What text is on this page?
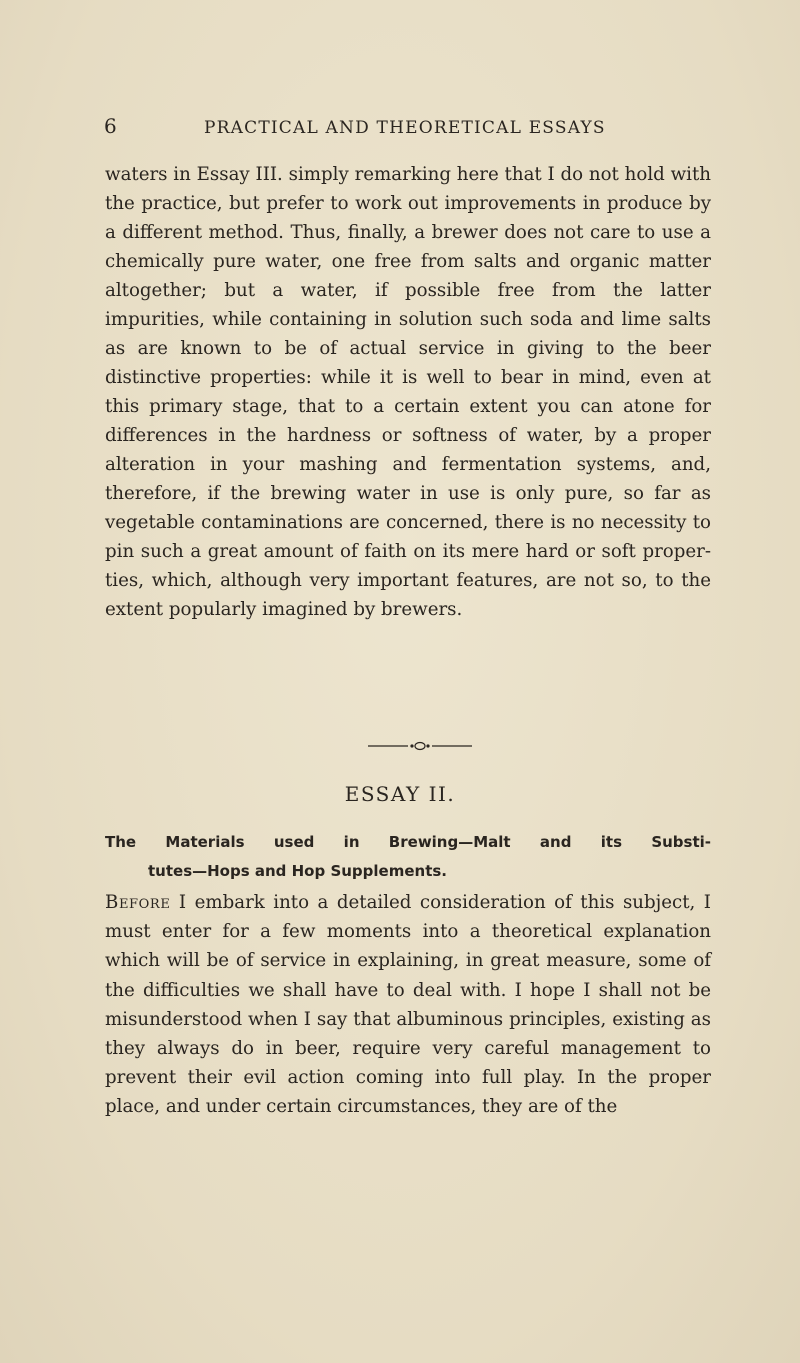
6	PRACTICAL AND THEORETICAL ESSAYS

waters in Essay III. simply remarking here that I do not hold with the practice, but prefer to work out improvements in produce by a different method. Thus, finally, a brewer does not care to use a chemically pure water, one free from salts and organic matter altogether; but a water, if possible free from the latter impurities, while containing in solution such soda and lime salts as are known to be of actual service in giving to the beer distinctive properties: while it is well to bear in mind, even at this primary stage, that to a certain extent you can atone for differences in the hardness or softness of water, by a proper alteration in your mashing and fermentation systems, and, therefore, if the brewing water in use is only pure, so far as vegetable contaminations are concerned, there is no necessity to pin such a great amount of faith on its mere hard or soft properties, which, although very important features, are not so, to the extent popularly imagined by brewers.

ESSAY II.
The Materials used in Brewing—Malt and its Substi-
tutes—Hops and Hop Supplements.

Before I embark into a detailed consideration of this subject, I must enter for a few moments into a theoretical explanation which will be of service in explaining, in great measure, some of the difficulties we shall have to deal with. I hope I shall not be misunderstood when I say that albuminous principles, existing as they always do in beer, require very careful management to prevent their evil action coming into full play. In the proper place, and under certain circumstances, they are of the
